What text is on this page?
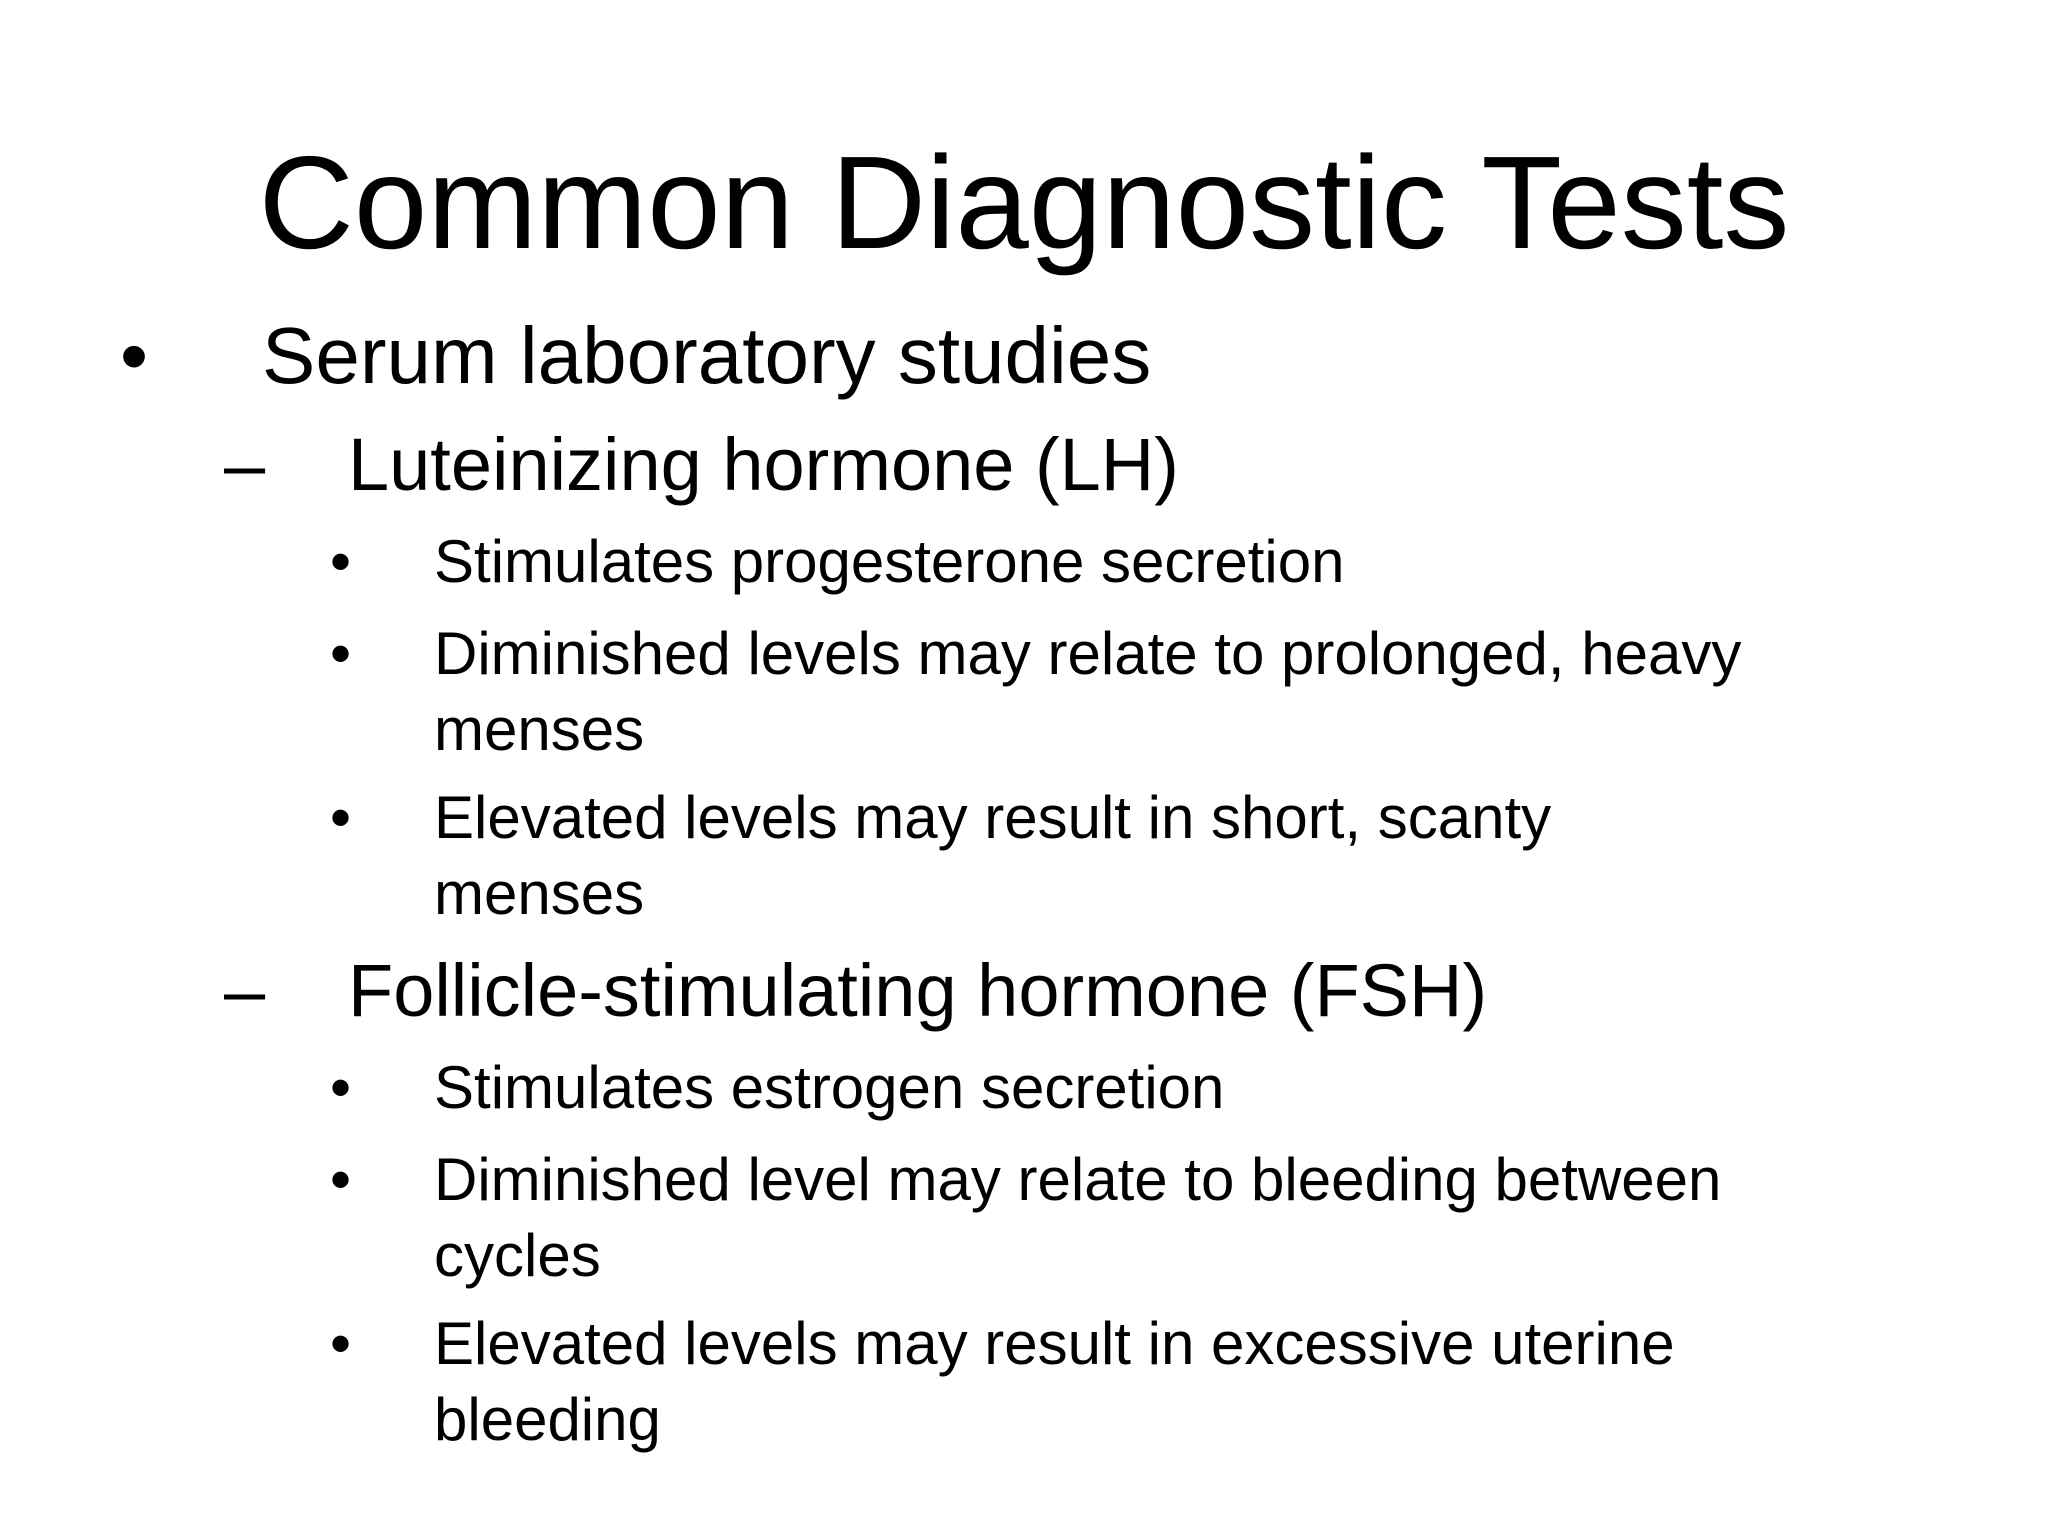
Common Diagnostic Tests
• Serum laboratory studies
– Luteinizing hormone (LH)
• Stimulates progesterone secretion
• Diminished levels may relate to prolonged, heavy
menses
• Elevated levels may result in short, scanty
menses
– Follicle-stimulating hormone (FSH)
• Stimulates estrogen secretion
• Diminished level may relate to bleeding between
cycles
• Elevated levels may result in excessive uterine
bleeding
